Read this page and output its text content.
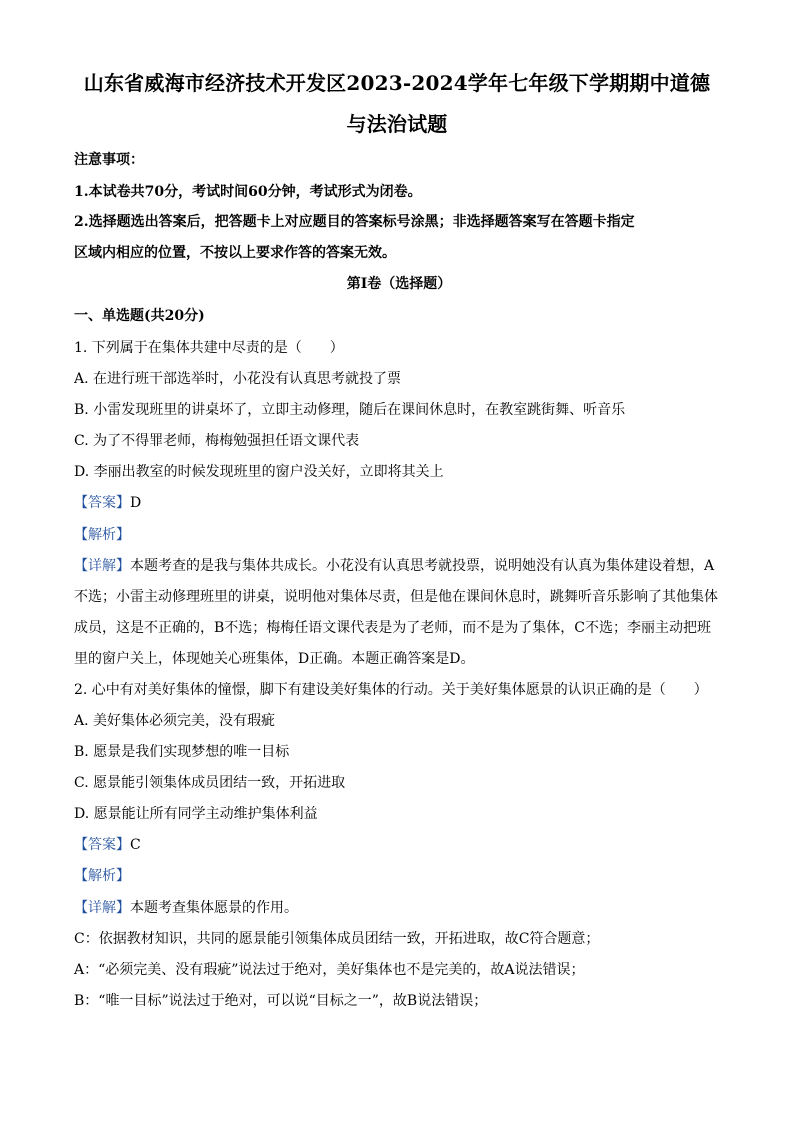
山东省威海市经济技术开发区2023-2024学年七年级下学期期中道德
与法治试题
注意事项：
1.本试卷共70分，考试时间60分钟，考试形式为闭卷。
2.选择题选出答案后，把答题卡上对应题目的答案标号涂黑；非选择题答案写在答题卡指定
区域内相应的位置，不按以上要求作答的答案无效。
第Ⅰ卷（选择题）
一、单选题(共20分)
1. 下列属于在集体共建中尽责的是（　　）
A. 在进行班干部选举时，小花没有认真思考就投了票
B. 小雷发现班里的讲桌坏了，立即主动修理，随后在课间休息时，在教室跳街舞、听音乐
C. 为了不得罪老师，梅梅勉强担任语文课代表
D. 李丽出教室的时候发现班里的窗户没关好，立即将其关上
【答案】D
【解析】
【详解】本题考查的是我与集体共成长。小花没有认真思考就投票，说明她没有认真为集体建设着想，A
不选；小雷主动修理班里的讲桌，说明他对集体尽责，但是他在课间休息时，跳舞听音乐影响了其他集体
成员，这是不正确的，B不选；梅梅任语文课代表是为了老师，而不是为了集体，C不选；李丽主动把班
里的窗户关上，体现她关心班集体，D正确。本题正确答案是D。
2. 心中有对美好集体的憧憬，脚下有建设美好集体的行动。关于美好集体愿景的认识正确的是（　　）
A. 美好集体必须完美，没有瑕疵
B. 愿景是我们实现梦想的唯一目标
C. 愿景能引领集体成员团结一致，开拓进取
D. 愿景能让所有同学主动维护集体利益
【答案】C
【解析】
【详解】本题考查集体愿景的作用。
C：依据教材知识，共同的愿景能引领集体成员团结一致，开拓进取，故C符合题意；
A：“必须完美、没有瑕疵”说法过于绝对，美好集体也不是完美的，故A说法错误；
B：“唯一目标”说法过于绝对，可以说“目标之一”，故B说法错误；
